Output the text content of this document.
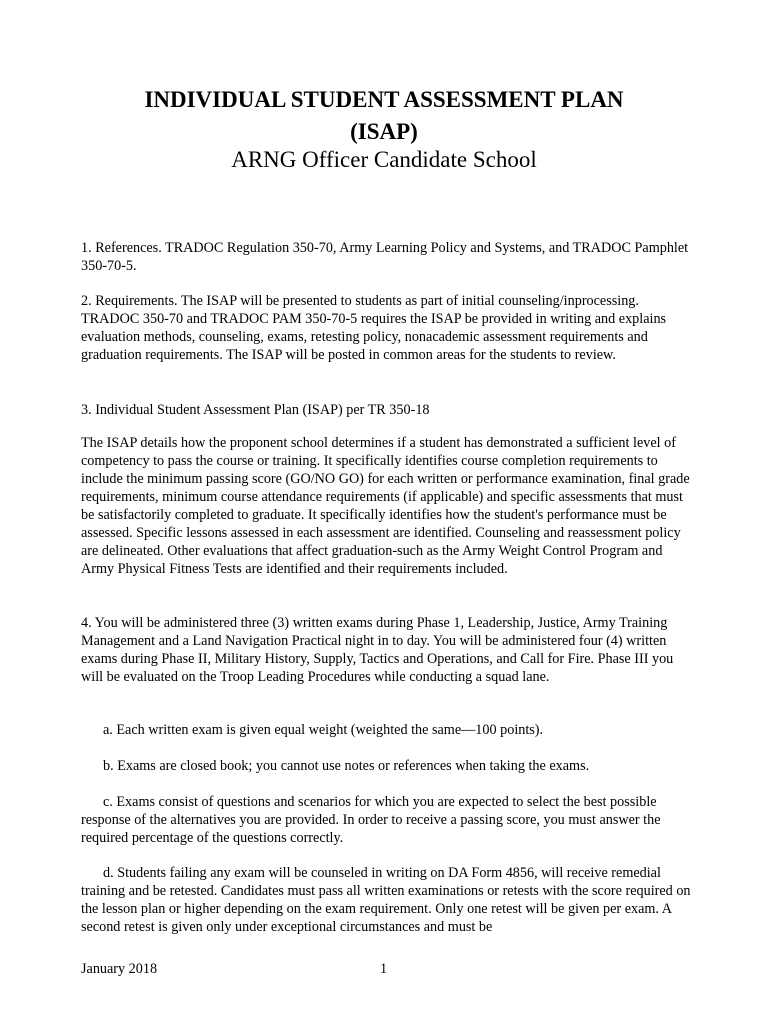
INDIVIDUAL STUDENT ASSESSMENT PLAN
(ISAP)
ARNG Officer Candidate School
1. References. TRADOC Regulation 350-70, Army Learning Policy and Systems, and TRADOC Pamphlet 350-70-5.
2. Requirements. The ISAP will be presented to students as part of initial counseling/inprocessing. TRADOC 350-70 and TRADOC PAM 350-70-5 requires the ISAP be provided in writing and explains evaluation methods, counseling, exams, retesting policy, nonacademic assessment requirements and graduation requirements. The ISAP will be posted in common areas for the students to review.
3. Individual Student Assessment Plan (ISAP) per TR 350-18
The ISAP details how the proponent school determines if a student has demonstrated a sufficient level of competency to pass the course or training. It specifically identifies course completion requirements to include the minimum passing score (GO/NO GO) for each written or performance examination, final grade requirements, minimum course attendance requirements (if applicable) and specific assessments that must be satisfactorily completed to graduate. It specifically identifies how the student's performance must be assessed. Specific lessons assessed in each assessment are identified. Counseling and reassessment policy are delineated. Other evaluations that affect graduation-such as the Army Weight Control Program and Army Physical Fitness Tests are identified and their requirements included.
4. You will be administered three (3) written exams during Phase 1, Leadership, Justice, Army Training Management and a Land Navigation Practical night in to day. You will be administered four (4) written exams during Phase II, Military History, Supply, Tactics and Operations, and Call for Fire. Phase III you will be evaluated on the Troop Leading Procedures while conducting a squad lane.
a. Each written exam is given equal weight (weighted the same—100 points).
b. Exams are closed book; you cannot use notes or references when taking the exams.
c. Exams consist of questions and scenarios for which you are expected to select the best possible response of the alternatives you are provided. In order to receive a passing score, you must answer the required percentage of the questions correctly.
d. Students failing any exam will be counseled in writing on DA Form 4856, will receive remedial training and be retested. Candidates must pass all written examinations or retests with the score required on the lesson plan or higher depending on the exam requirement. Only one retest will be given per exam. A second retest is given only under exceptional circumstances and must be
January 2018	1
